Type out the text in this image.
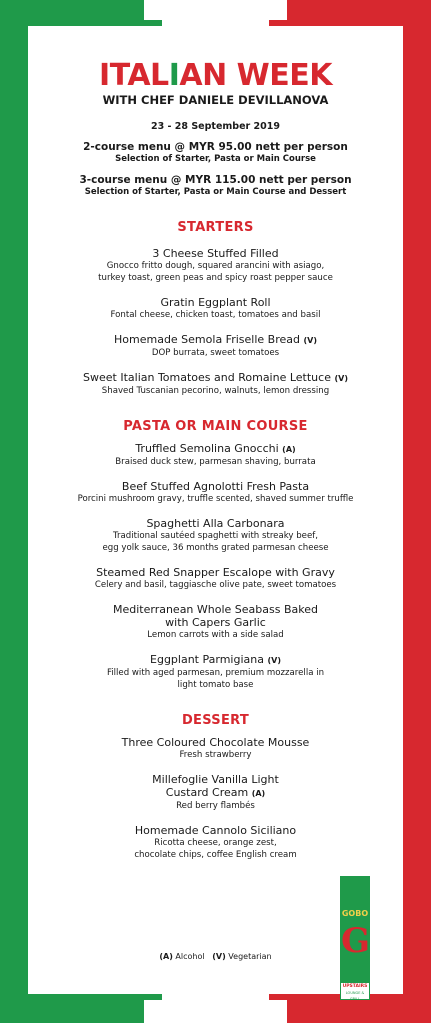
ITALIAN WEEK
WITH CHEF DANIELE DEVILLANOVA
23 - 28 September 2019
2-course menu @ MYR 95.00 nett per person
Selection of Starter, Pasta or Main Course
3-course menu @ MYR 115.00 nett per person
Selection of Starter, Pasta or Main Course and Dessert
STARTERS
3 Cheese Stuffed Filled
Gnocco fritto dough, squared arancini with asiago,
turkey toast, green peas and spicy roast pepper sauce
Gratin Eggplant Roll
Fontal cheese, chicken toast, tomatoes and basil
Homemade Semola Friselle Bread (V)
DOP burrata, sweet tomatoes
Sweet Italian Tomatoes and Romaine Lettuce (V)
Shaved Tuscanian pecorino, walnuts, lemon dressing
PASTA OR MAIN COURSE
Truffled Semolina Gnocchi (A)
Braised duck stew, parmesan shaving, burrata
Beef Stuffed Agnolotti Fresh Pasta
Porcini mushroom gravy, truffle scented, shaved summer truffle
Spaghetti Alla Carbonara
Traditional sautéed spaghetti with streaky beef,
egg yolk sauce, 36 months grated parmesan cheese
Steamed Red Snapper Escalope with Gravy
Celery and basil, taggiasche olive pate, sweet tomatoes
Mediterranean Whole Seabass Baked
with Capers Garlic
Lemon carrots with a side salad
Eggplant Parmigiana (V)
Filled with aged parmesan, premium mozzarella in
light tomato base
DESSERT
Three Coloured Chocolate Mousse
Fresh strawberry
Millefoglie Vanilla Light
Custard Cream (A)
Red berry flambés
Homemade Cannolo Siciliano
Ricotta cheese, orange zest,
chocolate chips, coffee English cream
(A) Alcohol (V) Vegetarian
GOBO
G
UPSTAIRS
LOUNGE & GRILL
